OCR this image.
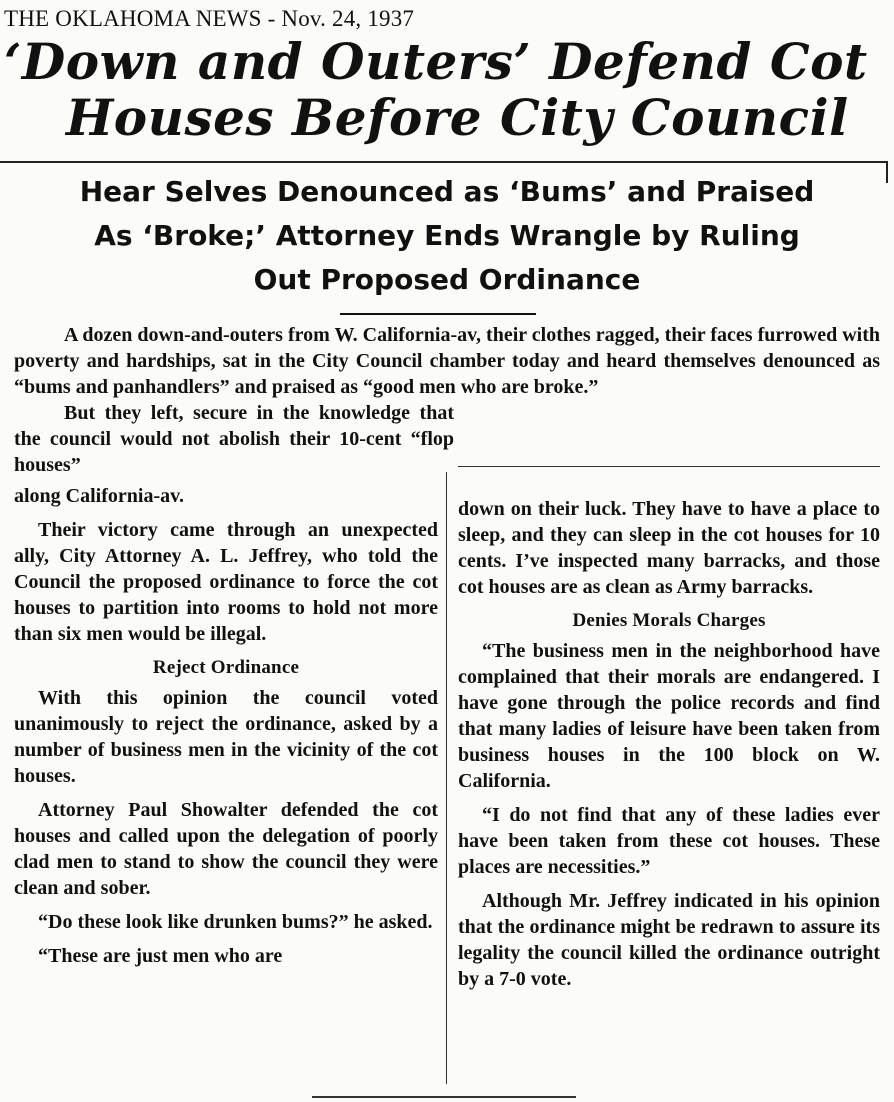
THE OKLAHOMA NEWS - Nov. 24, 1937
‘Down and Outers’ Defend Cot
Houses Before City Council
Hear Selves Denounced as ‘Bums’ and Praised
As ‘Broke;’ Attorney Ends Wrangle by Ruling
Out Proposed Ordinance

A dozen down-and-outers from W. California-av, their clothes ragged, their faces furrowed with poverty and hardships, sat in the City Council chamber today and heard themselves denounced as “bums and panhandlers” and praised as “good men who are broke.”

But they left, secure in the knowledge that the council would not abolish their 10-cent “flop houses”

along California-av.

Their victory came through an unexpected ally, City Attorney A. L. Jeffrey, who told the Council the proposed ordinance to force the cot houses to partition into rooms to hold not more than six men would be illegal.

Reject Ordinance

With this opinion the council voted unanimously to reject the ordinance, asked by a number of business men in the vicinity of the cot houses.

Attorney Paul Showalter defended the cot houses and called upon the delegation of poorly clad men to stand to show the council they were clean and sober.

“Do these look like drunken bums?” he asked.

“These are just men who are

down on their luck. They have to have a place to sleep, and they can sleep in the cot houses for 10 cents. I’ve inspected many barracks, and those cot houses are as clean as Army barracks.

Denies Morals Charges

“The business men in the neighborhood have complained that their morals are endangered. I have gone through the police records and find that many ladies of leisure have been taken from business houses in the 100 block on W. California.

“I do not find that any of these ladies ever have been taken from these cot houses. These places are necessities.”

Although Mr. Jeffrey indicated in his opinion that the ordinance might be redrawn to assure its legality the council killed the ordinance outright by a 7-0 vote.
